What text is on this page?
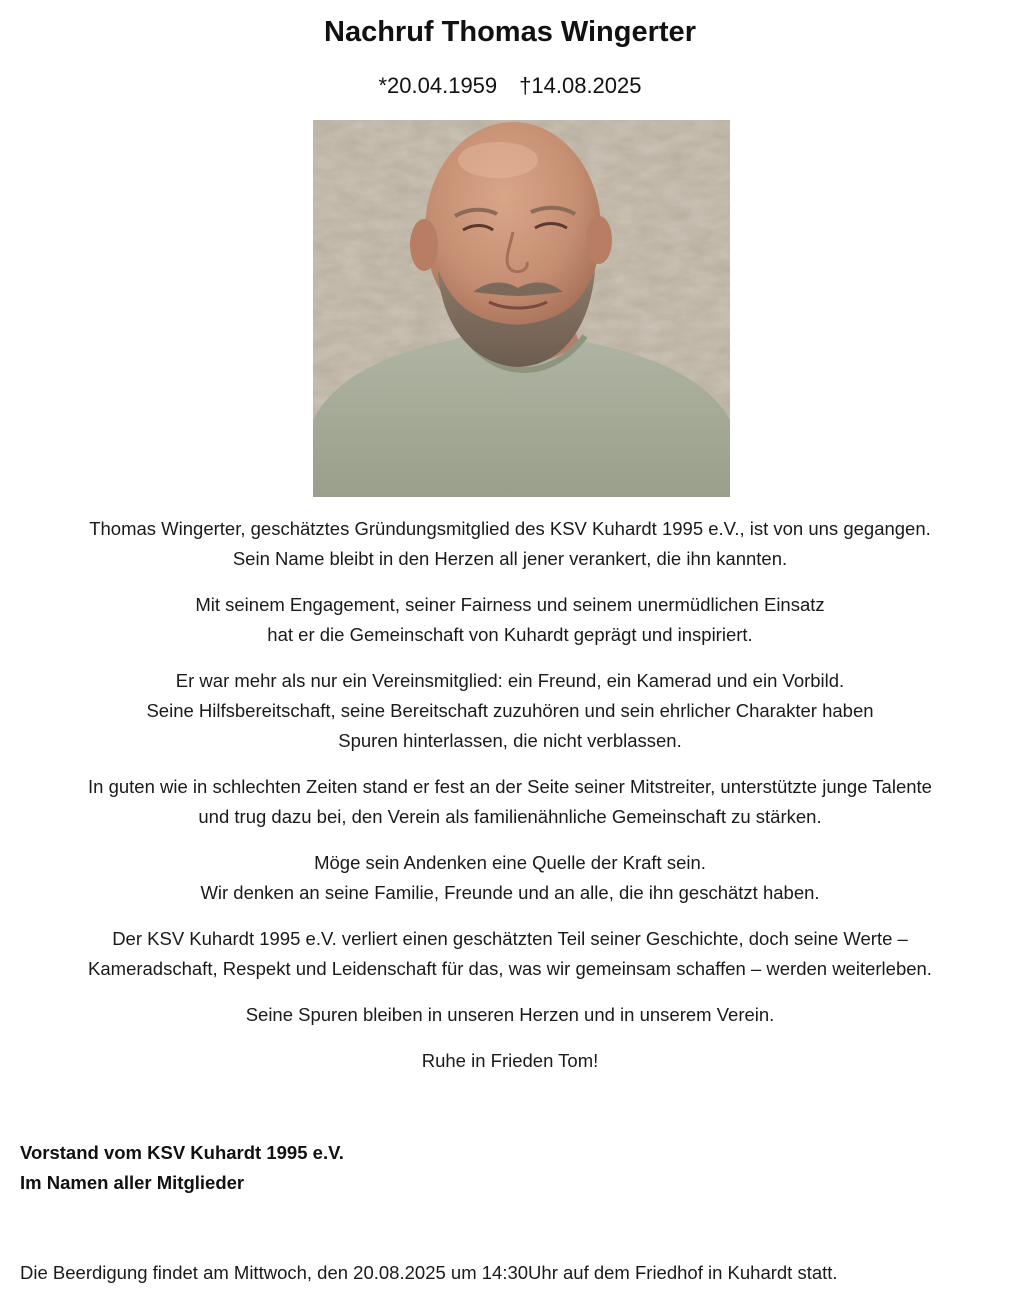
Nachruf Thomas Wingerter
*20.04.1959 †14.08.2025

Thomas Wingerter, geschätztes Gründungsmitglied des KSV Kuhardt 1995 e.V., ist von uns gegangen.
Sein Name bleibt in den Herzen all jener verankert, die ihn kannten.

Mit seinem Engagement, seiner Fairness und seinem unermüdlichen Einsatz
hat er die Gemeinschaft von Kuhardt geprägt und inspiriert.

Er war mehr als nur ein Vereinsmitglied: ein Freund, ein Kamerad und ein Vorbild.
Seine Hilfsbereitschaft, seine Bereitschaft zuzuhören und sein ehrlicher Charakter haben
Spuren hinterlassen, die nicht verblassen.

In guten wie in schlechten Zeiten stand er fest an der Seite seiner Mitstreiter, unterstützte junge Talente
und trug dazu bei, den Verein als familienähnliche Gemeinschaft zu stärken.

Möge sein Andenken eine Quelle der Kraft sein.
Wir denken an seine Familie, Freunde und an alle, die ihn geschätzt haben.

Der KSV Kuhardt 1995 e.V. verliert einen geschätzten Teil seiner Geschichte, doch seine Werte –
Kameradschaft, Respekt und Leidenschaft für das, was wir gemeinsam schaffen – werden weiterleben.

Seine Spuren bleiben in unseren Herzen und in unserem Verein.

Ruhe in Frieden Tom!

Vorstand vom KSV Kuhardt 1995 e.V.
Im Namen aller Mitglieder
Die Beerdigung findet am Mittwoch, den 20.08.2025 um 14:30Uhr auf dem Friedhof in Kuhardt statt.
